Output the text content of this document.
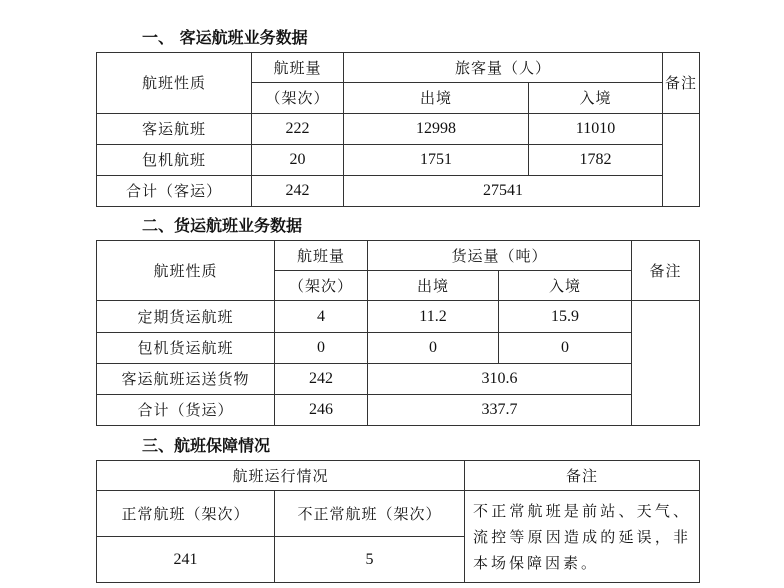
一、 客运航班业务数据
航班性质	航班量	旅客量（人）		备注
	（架次）	出境	入境	
客运航班	222	12998	11010	
包机航班	20	1751	1782	
合计（客运）	242	27541		
二、货运航班业务数据
航班性质	航班量	货运量（吨）		备注
	（架次）	出境	入境	
定期货运航班	4	11.2	15.9	
包机货运航班	0	0	0	
客运航班运送货物	242	310.6		
合计（货运）	246	337.7		
三、航班保障情况
航班运行情况		备注
正常航班（架次）	不正常航班（架次）	不正常航班是前站、天气、流控等原因造成的延误，非本场保障因素。
241	5	
